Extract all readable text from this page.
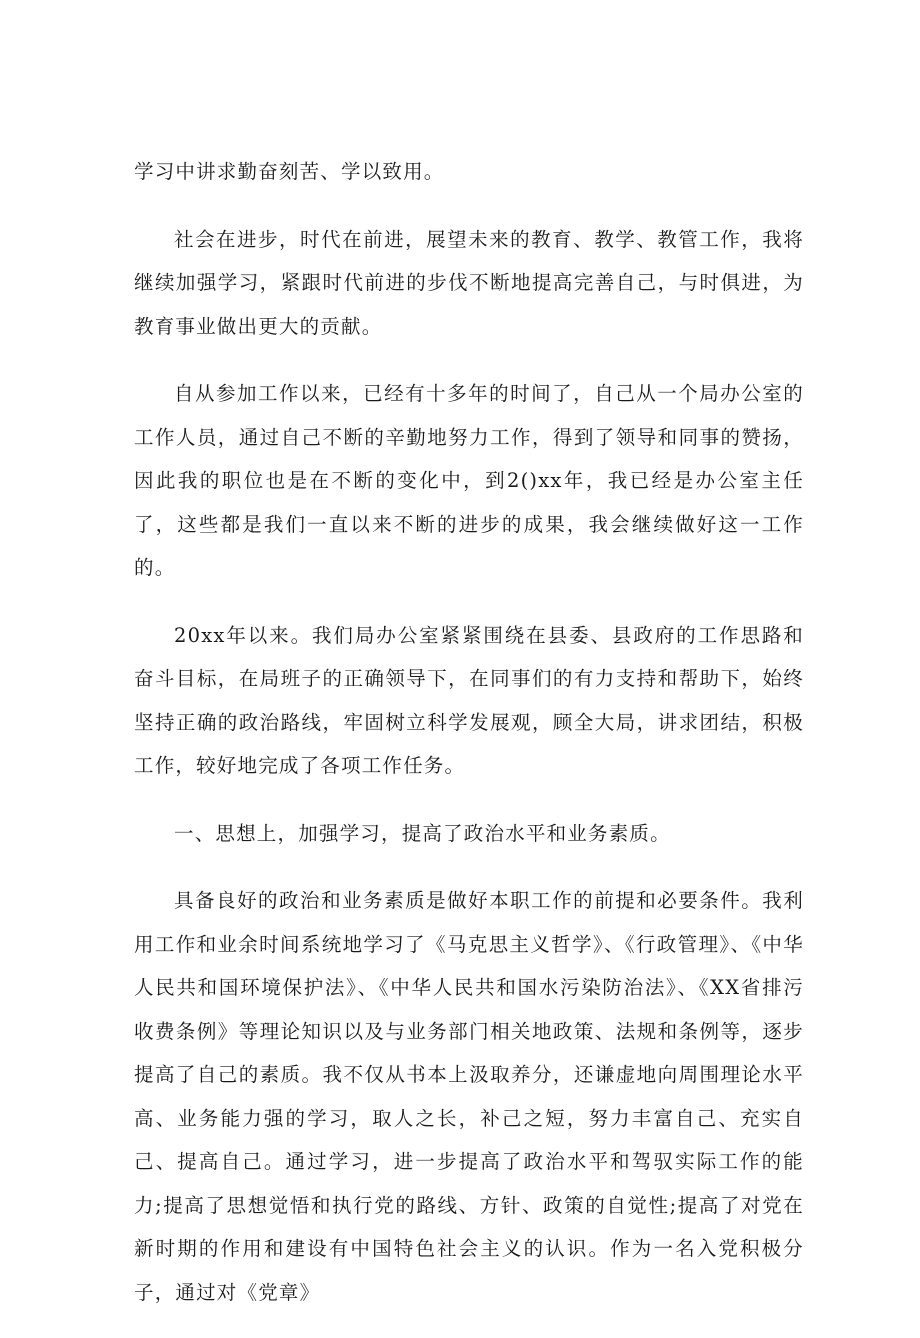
学习中讲求勤奋刻苦、学以致用。

社会在进步，时代在前进，展望未来的教育、教学、教管工作，我将继续加强学习，紧跟时代前进的步伐不断地提高完善自己，与时俱进，为教育事业做出更大的贡献。

自从参加工作以来，已经有十多年的时间了，自己从一个局办公室的工作人员，通过自己不断的辛勤地努力工作，得到了领导和同事的赞扬，因此我的职位也是在不断的变化中，到2()xx年，我已经是办公室主任了，这些都是我们一直以来不断的进步的成果，我会继续做好这一工作的。

20xx年以来。我们局办公室紧紧围绕在县委、县政府的工作思路和奋斗目标，在局班子的正确领导下，在同事们的有力支持和帮助下，始终坚持正确的政治路线，牢固树立科学发展观，顾全大局，讲求团结，积极工作，较好地完成了各项工作任务。

一、思想上，加强学习，提高了政治水平和业务素质。

具备良好的政治和业务素质是做好本职工作的前提和必要条件。我利用工作和业余时间系统地学习了《马克思主义哲学》、《行政管理》、《中华人民共和国环境保护法》、《中华人民共和国水污染防治法》、《XX省排污收费条例》等理论知识以及与业务部门相关地政策、法规和条例等，逐步提高了自己的素质。我不仅从书本上汲取养分，还谦虚地向周围理论水平高、业务能力强的学习，取人之长，补己之短，努力丰富自己、充实自己、提高自己。通过学习，进一步提高了政治水平和驾驭实际工作的能力;提高了思想觉悟和执行党的路线、方针、政策的自觉性;提高了对党在新时期的作用和建设有中国特色社会主义的认识。作为一名入党积极分子，通过对《党章》
